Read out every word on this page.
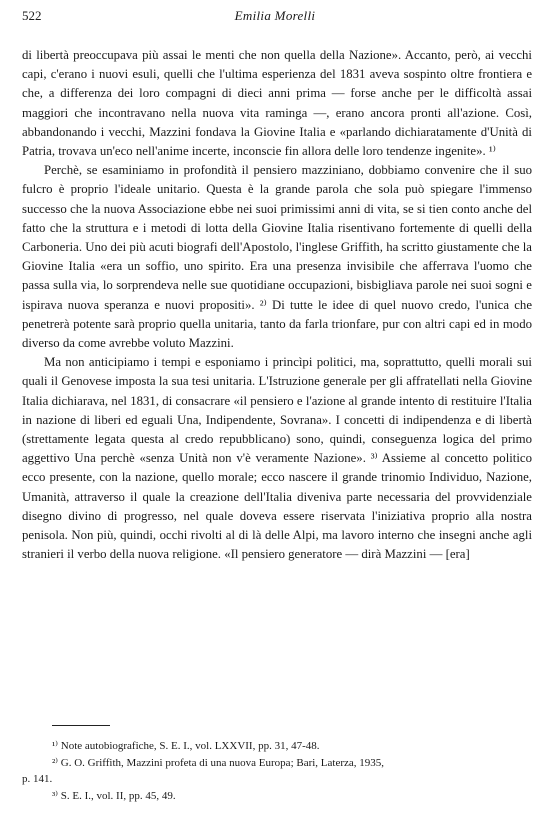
522	Emilia Morelli

di libertà preoccupava più assai le menti che non quella della Nazione». Accanto, però, ai vecchi capi, c'erano i nuovi esuli, quelli che l'ultima esperienza del 1831 aveva sospinto oltre frontiera e che, a differenza dei loro compagni di dieci anni prima — forse anche per le difficoltà assai maggiori che incontravano nella nuova vita raminga —, erano ancora pronti all'azione. Così, abbandonando i vecchi, Mazzini fondava la Giovine Italia e «parlando dichiaratamente d'Unità di Patria, trovava un'eco nell'anime incerte, inconscie fin allora delle loro tendenze ingenite». ¹⁾

Perchè, se esaminiamo in profondità il pensiero mazziniano, dobbiamo convenire che il suo fulcro è proprio l'ideale unitario. Questa è la grande parola che sola può spiegare l'immenso successo che la nuova Associazione ebbe nei suoi primissimi anni di vita, se si tien conto anche del fatto che la struttura e i metodi di lotta della Giovine Italia risentivano fortemente di quelli della Carboneria. Uno dei più acuti biografi dell'Apostolo, l'inglese Griffith, ha scritto giustamente che la Giovine Italia «era un soffio, uno spirito. Era una presenza invisibile che afferrava l'uomo che passa sulla via, lo sorprendeva nelle sue quotidiane occupazioni, bisbigliava parole nei suoi sogni e ispirava nuova speranza e nuovi propositi». ²⁾ Di tutte le idee di quel nuovo credo, l'unica che penetrerà potente sarà proprio quella unitaria, tanto da farla trionfare, pur con altri capi ed in modo diverso da come avrebbe voluto Mazzini.

Ma non anticipiamo i tempi e esponiamo i princìpi politici, ma, soprattutto, quelli morali sui quali il Genovese imposta la sua tesi unitaria. L'Istruzione generale per gli affratellati nella Giovine Italia dichiarava, nel 1831, di consacrare «il pensiero e l'azione al grande intento di restituire l'Italia in nazione di liberi ed eguali Una, Indipendente, Sovrana». I concetti di indipendenza e di libertà (strettamente legata questa al credo repubblicano) sono, quindi, conseguenza logica del primo aggettivo Una perchè «senza Unità non v'è veramente Nazione». ³⁾ Assieme al concetto politico ecco presente, con la nazione, quello morale; ecco nascere il grande trinomio Individuo, Nazione, Umanità, attraverso il quale la creazione dell'Italia diveniva parte necessaria del provvidenziale disegno divino di progresso, nel quale doveva essere riservata l'iniziativa proprio alla nostra penisola. Non più, quindi, occhi rivolti al di là delle Alpi, ma lavoro interno che insegni anche agli stranieri il verbo della nuova religione. «Il pensiero generatore — dirà Mazzini — [era]

¹⁾ Note autobiografiche, S. E. I., vol. LXXVII, pp. 31, 47-48.

²⁾ G. O. Griffith, Mazzini profeta di una nuova Europa; Bari, Laterza, 1935,

p. 141.

³⁾ S. E. I., vol. II, pp. 45, 49.
